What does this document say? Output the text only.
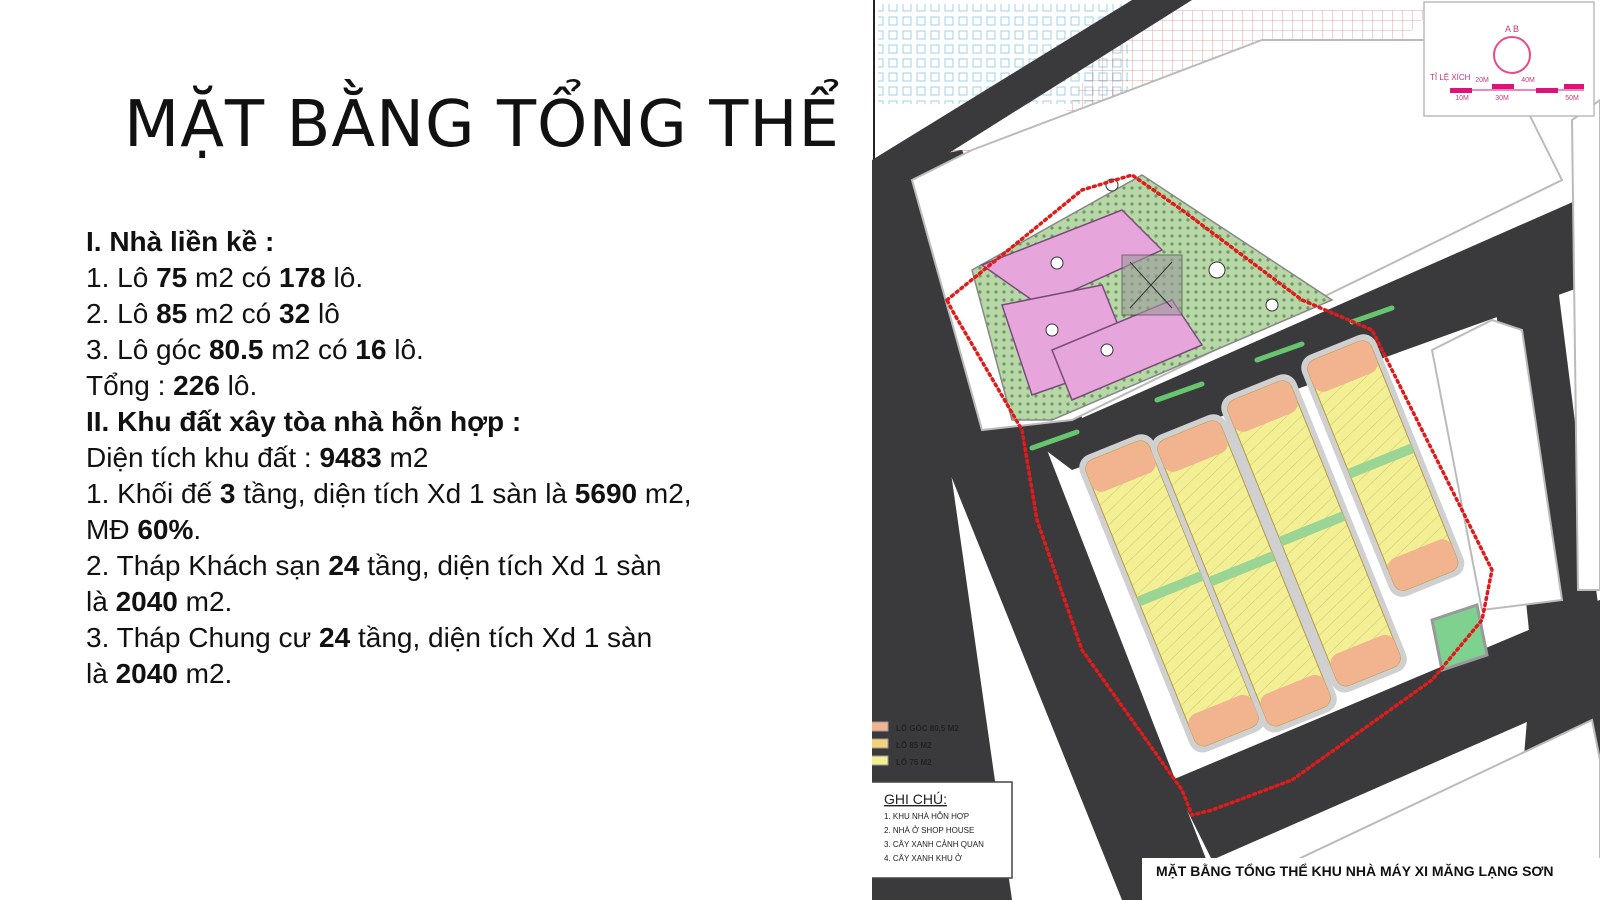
MẶT BẰNG TỔNG THỂ
I. Nhà liền kề :
1. Lô 75 m2 có 178 lô.
2. Lô 85 m2 có 32 lô
3. Lô góc 80.5 m2 có 16 lô.
Tổng : 226 lô.
II. Khu đất xây tòa nhà hỗn hợp :
Diện tích khu đất : 9483 m2
1. Khối đế 3 tầng, diện tích Xd 1 sàn là 5690 m2,
MĐ 60%.
2. Tháp Khách sạn 24 tầng, diện tích Xd 1 sàn
là 2040 m2.
3. Tháp Chung cư 24 tầng, diện tích Xd 1 sàn
là 2040 m2.
A B
TỈ LỆ XÍCH
10M
20M
30M
40M
50M
LÔ GÓC 80,5 M2
LÔ 85 M2
LÔ 75 M2
GHI CHÚ:
1. KHU NHÀ HỖN HỢP
2. NHÀ Ở SHOP HOUSE
3. CÂY XANH CẢNH QUAN
4. CÂY XANH KHU Ở
MẶT BẰNG TỔNG THỂ KHU NHÀ MÁY XI MĂNG LẠNG SƠN
